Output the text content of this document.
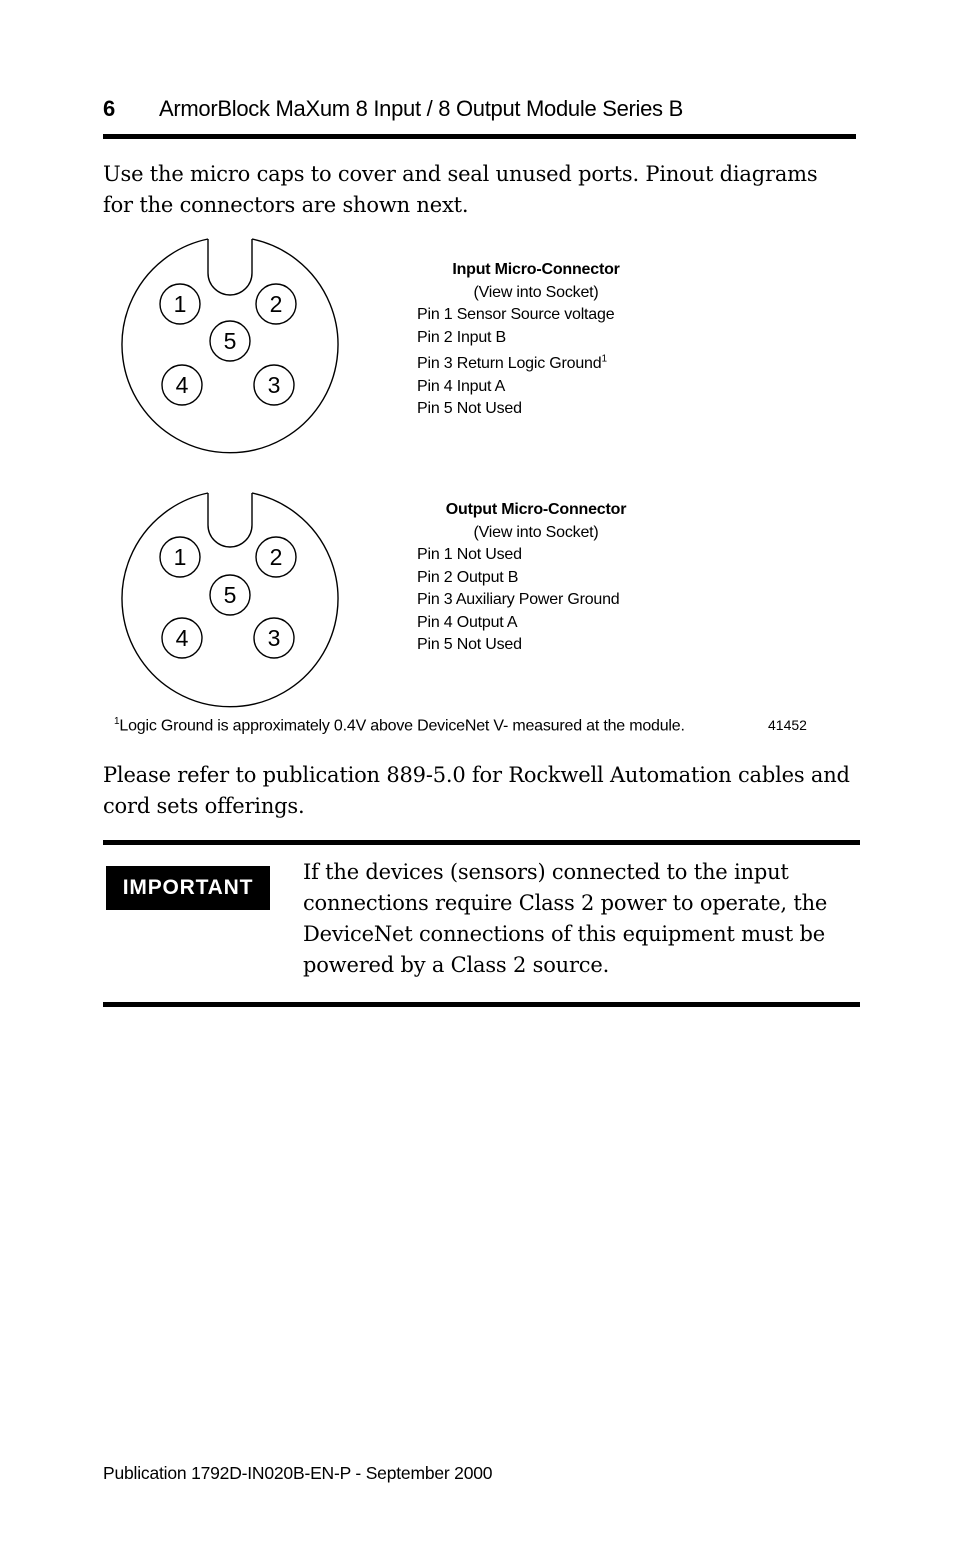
6 ArmorBlock MaXum 8 Input / 8 Output Module Series B
Use the micro caps to cover and seal unused ports. Pinout diagrams for the connectors are shown next.
1	2
3
4
5
Input Micro-Connector
(View into Socket)
Pin 1 Sensor Source voltage
Pin 2 Input B
Pin 3 Return Logic Ground$^1$
Pin 4 Input A
Pin 5 Not Used
1	2
3
4
5
Output Micro-Connector
(View into Socket)
Pin 1 Not Used
Pin 2 Output B
Pin 3 Auxiliary Power Ground
Pin 4 Output A
Pin 5 Not Used
$^1$Logic Ground is approximately 0.4V above DeviceNet V- measured at the module.	41452
Please refer to publication 889-5.0 for Rockwell Automation cables and cord sets offerings.
IMPORTANT
If the devices (sensors) connected to the input connections require Class 2 power to operate, the DeviceNet connections of this equipment must be powered by a Class 2 source.
Publication 1792D-IN020B-EN-P - September 2000
